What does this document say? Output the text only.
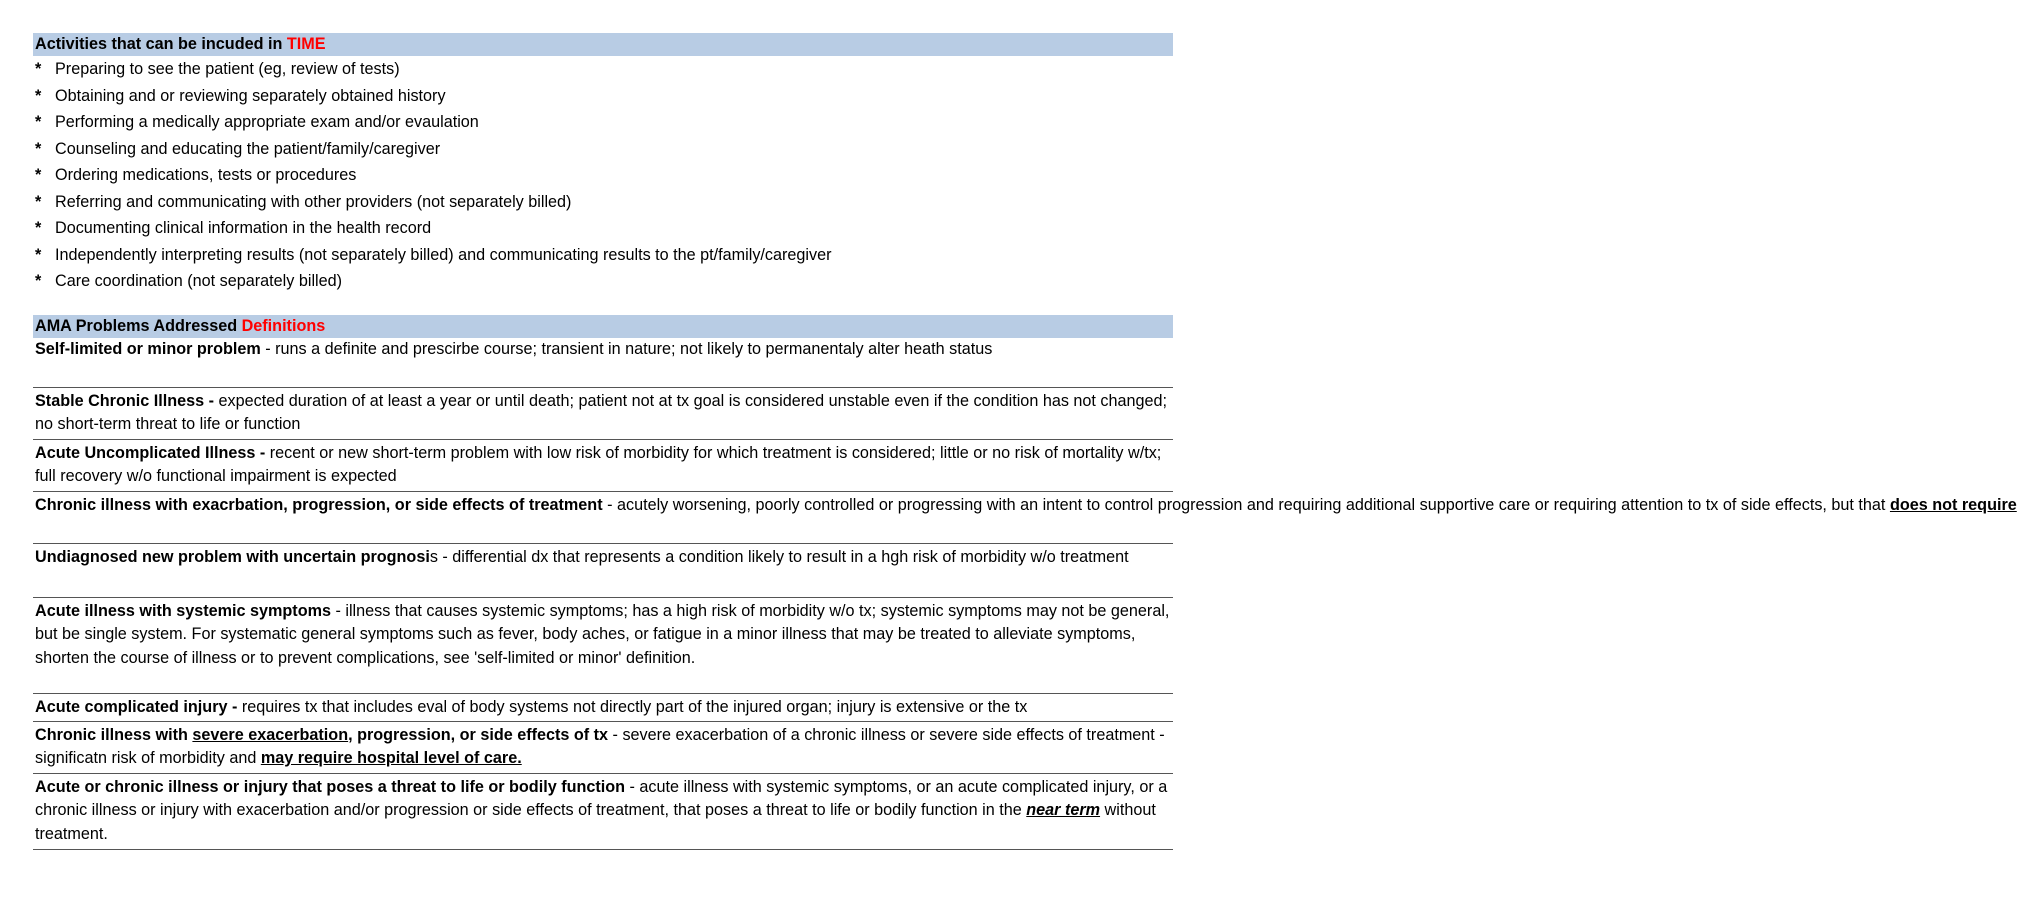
Activities that can be incuded in TIME
* Preparing to see the patient (eg, review of tests)
* Obtaining and or reviewing separately obtained history
* Performing a medically appropriate exam and/or evaulation
* Counseling and educating the patient/family/caregiver
* Ordering medications, tests or procedures
* Referring and communicating with other providers (not separately billed)
* Documenting clinical information in the health record
* Independently interpreting results (not separately billed) and communicating results to the pt/family/caregiver
* Care coordination (not separately billed)
AMA Problems Addressed Definitions
Self-limited or minor problem - runs a definite and prescirbe course; transient in nature; not likely to permanentaly alter heath status
Stable Chronic Illness - expected duration of at least a year or until death; patient not at tx goal is considered unstable even if the condition has not changed; no short-term threat to life or function
Acute Uncomplicated Illness - recent or new short-term problem with low risk of morbidity for which treatment is considered; little or no risk of mortality w/tx; full recovery w/o functional impairment is expected
Chronic illness with exacrbation, progression, or side effects of treatment - acutely worsening, poorly controlled or progressing with an intent to control progression and requiring additional supportive care or requiring attention to tx of side effects, but that does not require
Undiagnosed new problem with uncertain prognosis - differential dx that represents a condition likely to result in a hgh risk of morbidity w/o treatment
Acute illness with systemic symptoms - illness that causes systemic symptoms; has a high risk of morbidity w/o tx; systemic symptoms may not be general, but be single system. For systematic general symptoms such as fever, body aches, or fatigue in a minor illness that may be treated to alleviate symptoms, shorten the course of illness or to prevent complications, see 'self-limited or minor' definition.
Acute complicated injury - requires tx that includes eval of body systems not directly part of the injured organ; injury is extensive or the tx
Chronic illness with severe exacerbation, progression, or side effects of tx - severe exacerbation of a chronic illness or severe side effects of treatment - significatn risk of morbidity and may require hospital level of care.
Acute or chronic illness or injury that poses a threat to life or bodily function - acute illness with systemic symptoms, or an acute complicated injury, or a chronic illness or injury with exacerbation and/or progression or side effects of treatment, that poses a threat to life or bodily function in the near term without treatment.
